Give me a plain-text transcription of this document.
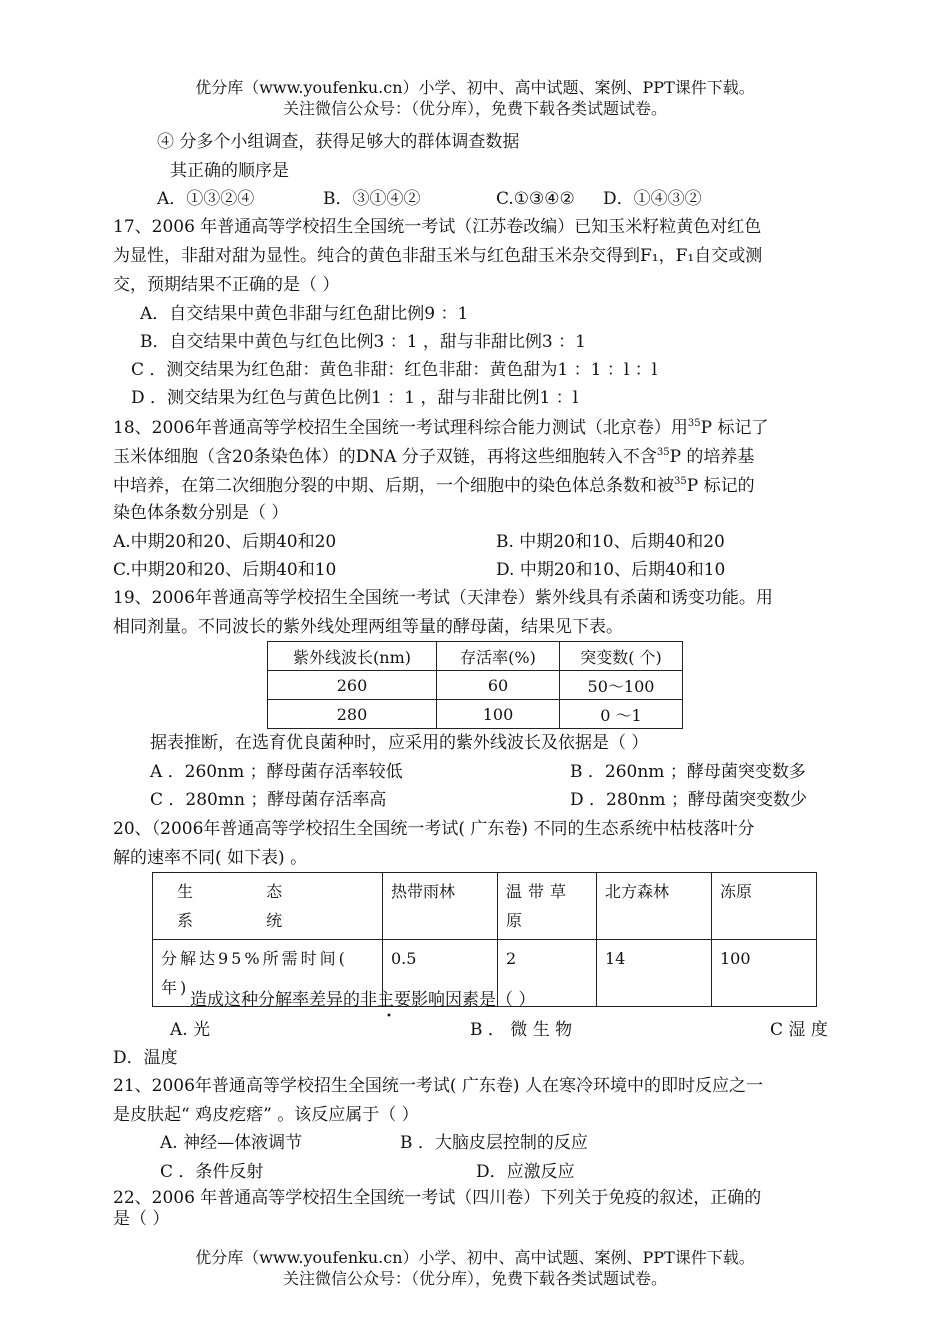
优分库（www.youfenku.cn）小学、初中、高中试题、案例、PPT课件下载。
关注微信公众号：（优分库），免费下载各类试题试卷。
④ 分多个小组调查，获得足够大的群体调查数据
其正确的顺序是
A．①③②④	B．③①④②	C.①③④② D．①④③②
17、2006 年普通高等学校招生全国统一考试（江苏卷改编）已知玉米籽粒黄色对红色
为显性，非甜对甜为显性。纯合的黄色非甜玉米与红色甜玉米杂交得到F₁，F₁自交或测
交，预期结果不正确的是（ ）
A．自交结果中黄色非甜与红色甜比例9 ：1
B．自交结果中黄色与红色比例3 ：1 ，甜与非甜比例3 ：1
C ．测交结果为红色甜：黄色非甜：红色非甜：黄色甜为1 ：1 ：l ：l
D ．测交结果为红色与黄色比例1 ：1 ，甜与非甜比例1 ：l
18、2006年普通高等学校招生全国统一考试理科综合能力测试（北京卷）用$^{35}$P 标记了
玉米体细胞（含20条染色体）的DNA 分子双链，再将这些细胞转入不含$^{35}$P 的培养基
中培养，在第二次细胞分裂的中期、后期，一个细胞中的染色体总条数和被$^{35}$P 标记的
染色体条数分别是（ ）
A.中期20和20、后期40和20	B. 中期20和10、后期40和20
C.中期20和20、后期40和10	D. 中期20和10、后期40和10
19、2006年普通高等学校招生全国统一考试（天津卷）紫外线具有杀菌和诱变功能。用
相同剂量。不同波长的紫外线处理两组等量的酵母菌，结果见下表。
紫外线波长(nm)	存活率(%)	突变数( 个)
260	60	50～100
280	100	0 ～1
据表推断，在选育优良菌种时，应采用的紫外线波长及依据是（ ）
A ．260nm ；酵母菌存活率较低	B ．260nm ；酵母菌突变数多
C ．280mn ；酵母菌存活率高	D ．280nm ；酵母菌突变数少
20、（2006年普通高等学校招生全国统一考试( 广东卷) 不同的生态系统中枯枝落叶分
解的速率不同( 如下表) 。
生 态 系 统	热带雨林	温带草原	北方森林	冻原
分解达95%所需时间( 年)	0.5	2	14	100
造成这种分解率差异的非主要影响因素是（ ）
•
A. 光	B ． 微 生 物	C 湿 度
D．温度
21、2006年普通高等学校招生全国统一考试( 广东卷) 人在寒冷环境中的即时反应之一
是皮肤起“ 鸡皮疙瘩” 。该反应属于（ ）
A. 神经—体液调节	B ．大脑皮层控制的反应
C ．条件反射	D．应激反应
22、2006 年普通高等学校招生全国统一考试（四川卷）下列关于免疫的叙述，正确的
是（ ）
优分库（www.youfenku.cn）小学、初中、高中试题、案例、PPT课件下载。
关注微信公众号：（优分库），免费下载各类试题试卷。
